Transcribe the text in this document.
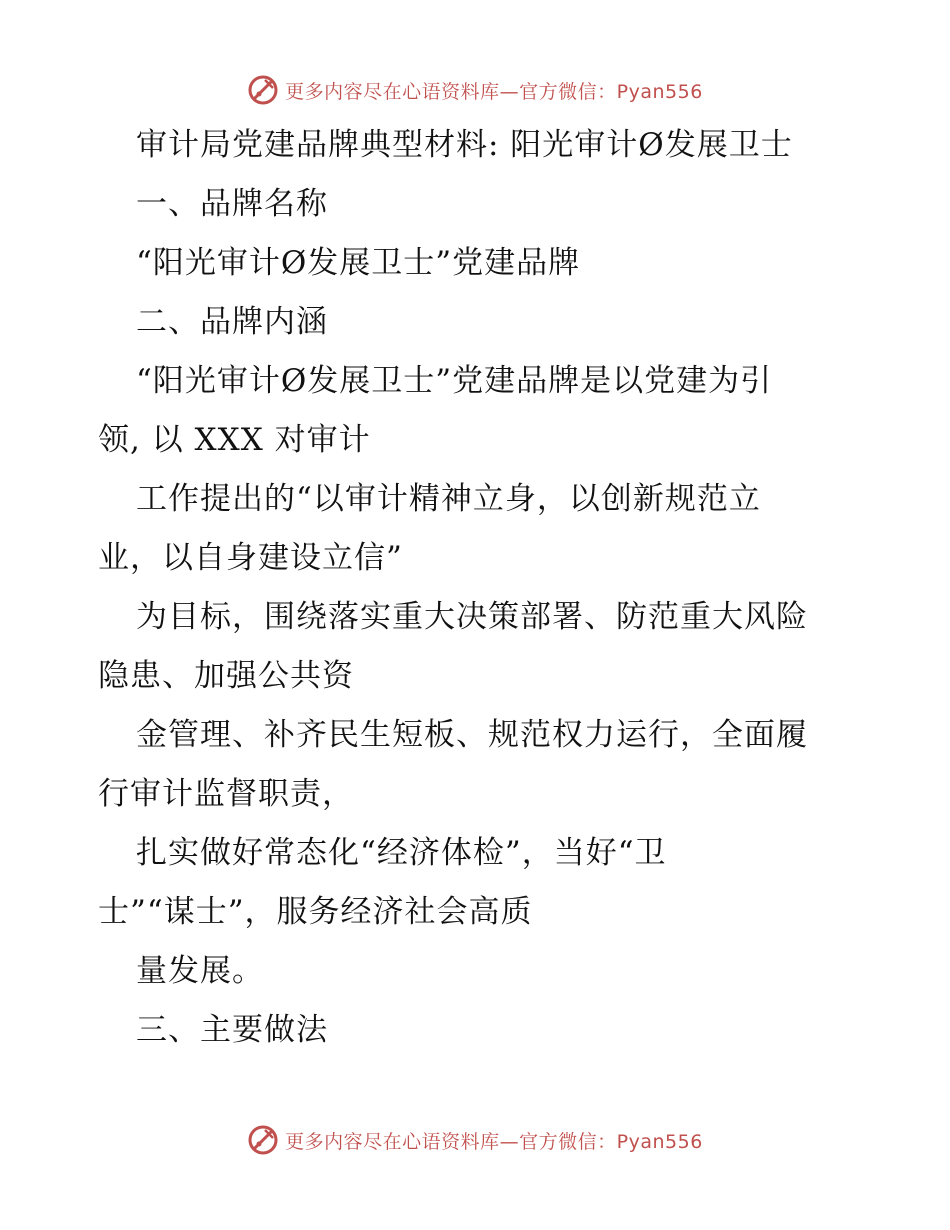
更多内容尽在心语资料库—官方微信：Pyan556
审计局党建品牌典型材料: 阳光审计Ø发展卫士
一、品牌名称
“阳光审计Ø发展卫士”党建品牌
二、品牌内涵
“阳光审计Ø发展卫士”党建品牌是以党建为引
领, 以 XXX 对审计
工作提出的“以审计精神立身，以创新规范立
业，以自身建设立信”
为目标，围绕落实重大决策部署、防范重大风险
隐患、加强公共资
金管理、补齐民生短板、规范权力运行，全面履
行审计监督职责，
扎实做好常态化“经济体检”，当好“卫
士”“谋士”，服务经济社会高质
量发展。
三、主要做法
更多内容尽在心语资料库—官方微信：Pyan556
